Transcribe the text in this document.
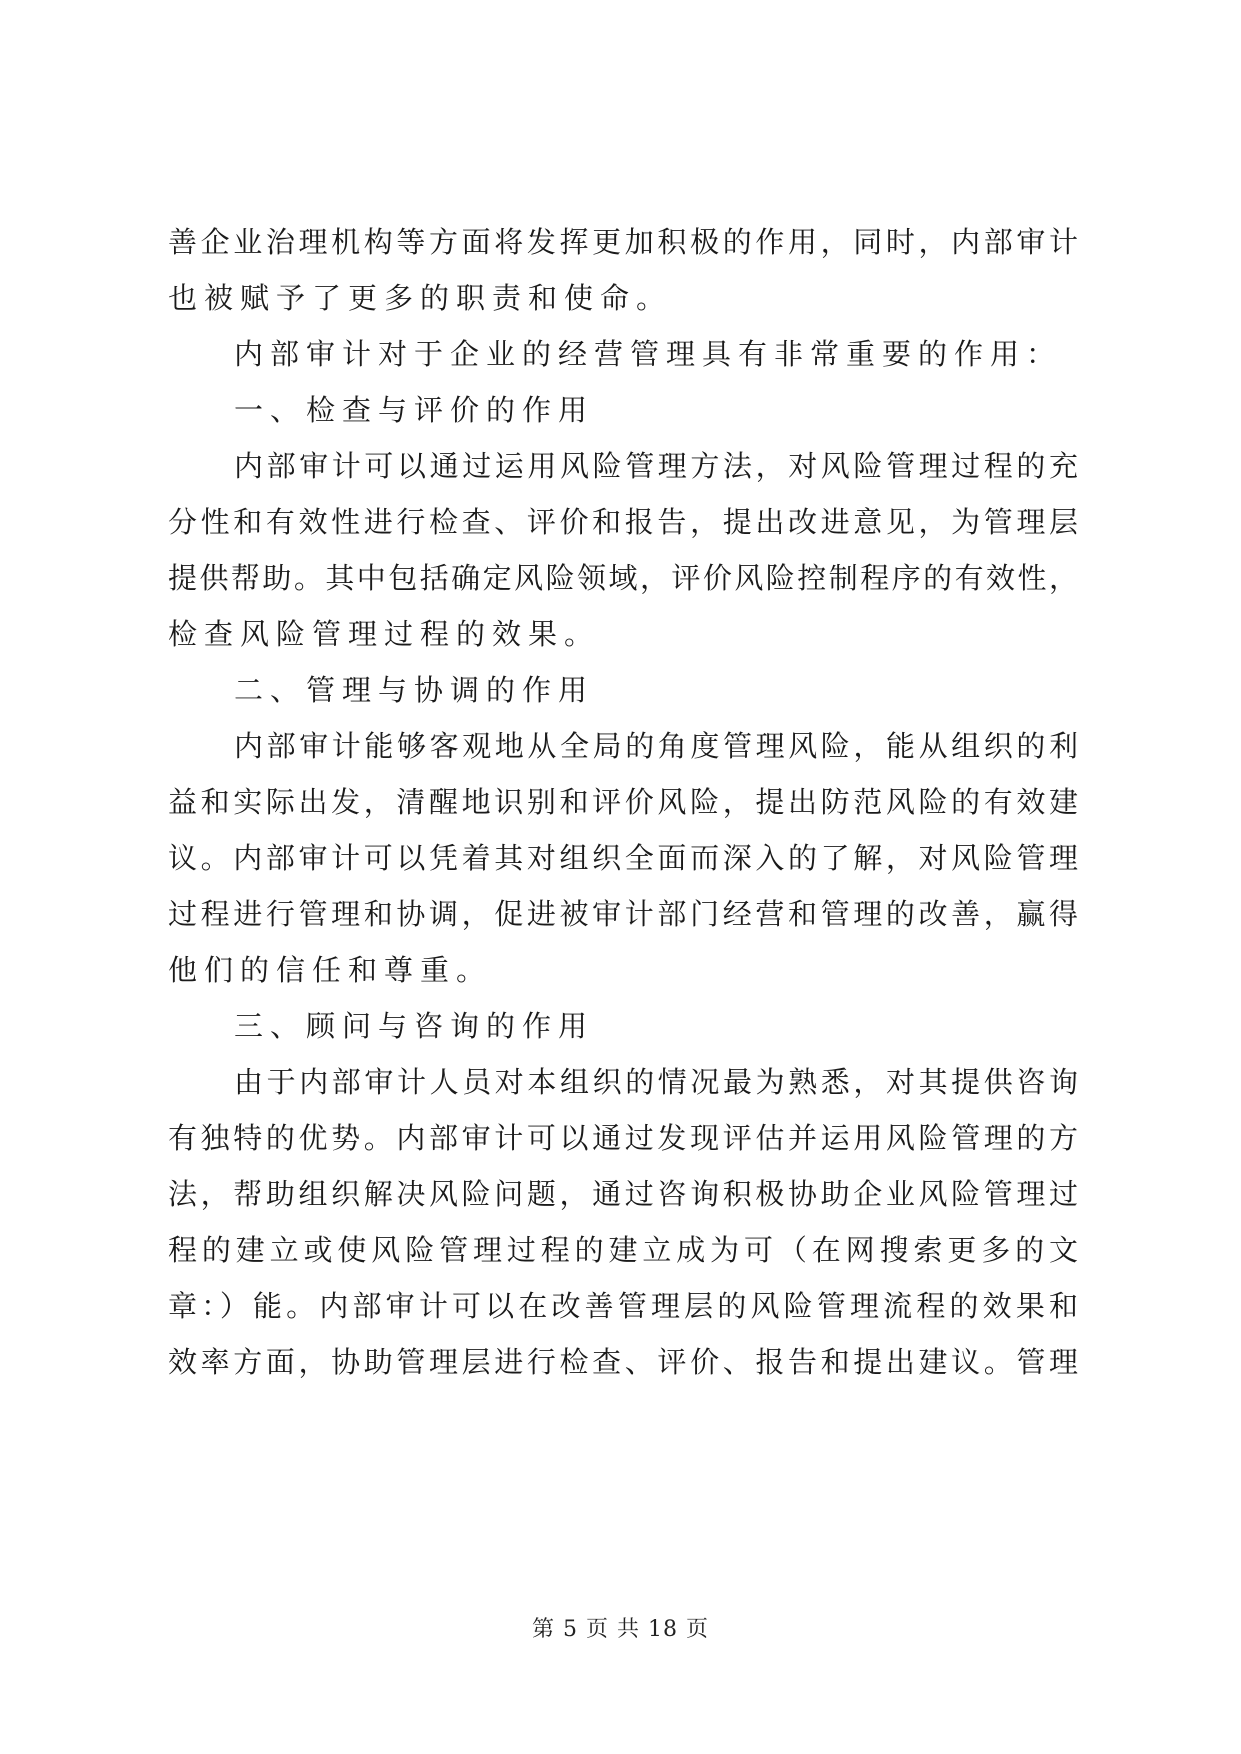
善企业治理机构等方面将发挥更加积极的作用，同时，内部审计

也被赋予了更多的职责和使命。

内部审计对于企业的经营管理具有非常重要的作用：

一、检查与评价的作用

内部审计可以通过运用风险管理方法，对风险管理过程的充

分性和有效性进行检查、评价和报告，提出改进意见，为管理层

提供帮助。其中包括确定风险领域，评价风险控制程序的有效性，

检查风险管理过程的效果。

二、管理与协调的作用

内部审计能够客观地从全局的角度管理风险，能从组织的利

益和实际出发，清醒地识别和评价风险，提出防范风险的有效建

议。内部审计可以凭着其对组织全面而深入的了解，对风险管理

过程进行管理和协调，促进被审计部门经营和管理的改善，赢得

他们的信任和尊重。

三、顾问与咨询的作用

由于内部审计人员对本组织的情况最为熟悉，对其提供咨询

有独特的优势。内部审计可以通过发现评估并运用风险管理的方

法，帮助组织解决风险问题，通过咨询积极协助企业风险管理过

程的建立或使风险管理过程的建立成为可（在网搜索更多的文

章：）能。内部审计可以在改善管理层的风险管理流程的效果和

效率方面，协助管理层进行检查、评价、报告和提出建议。管理

第 5 页 共 18 页
